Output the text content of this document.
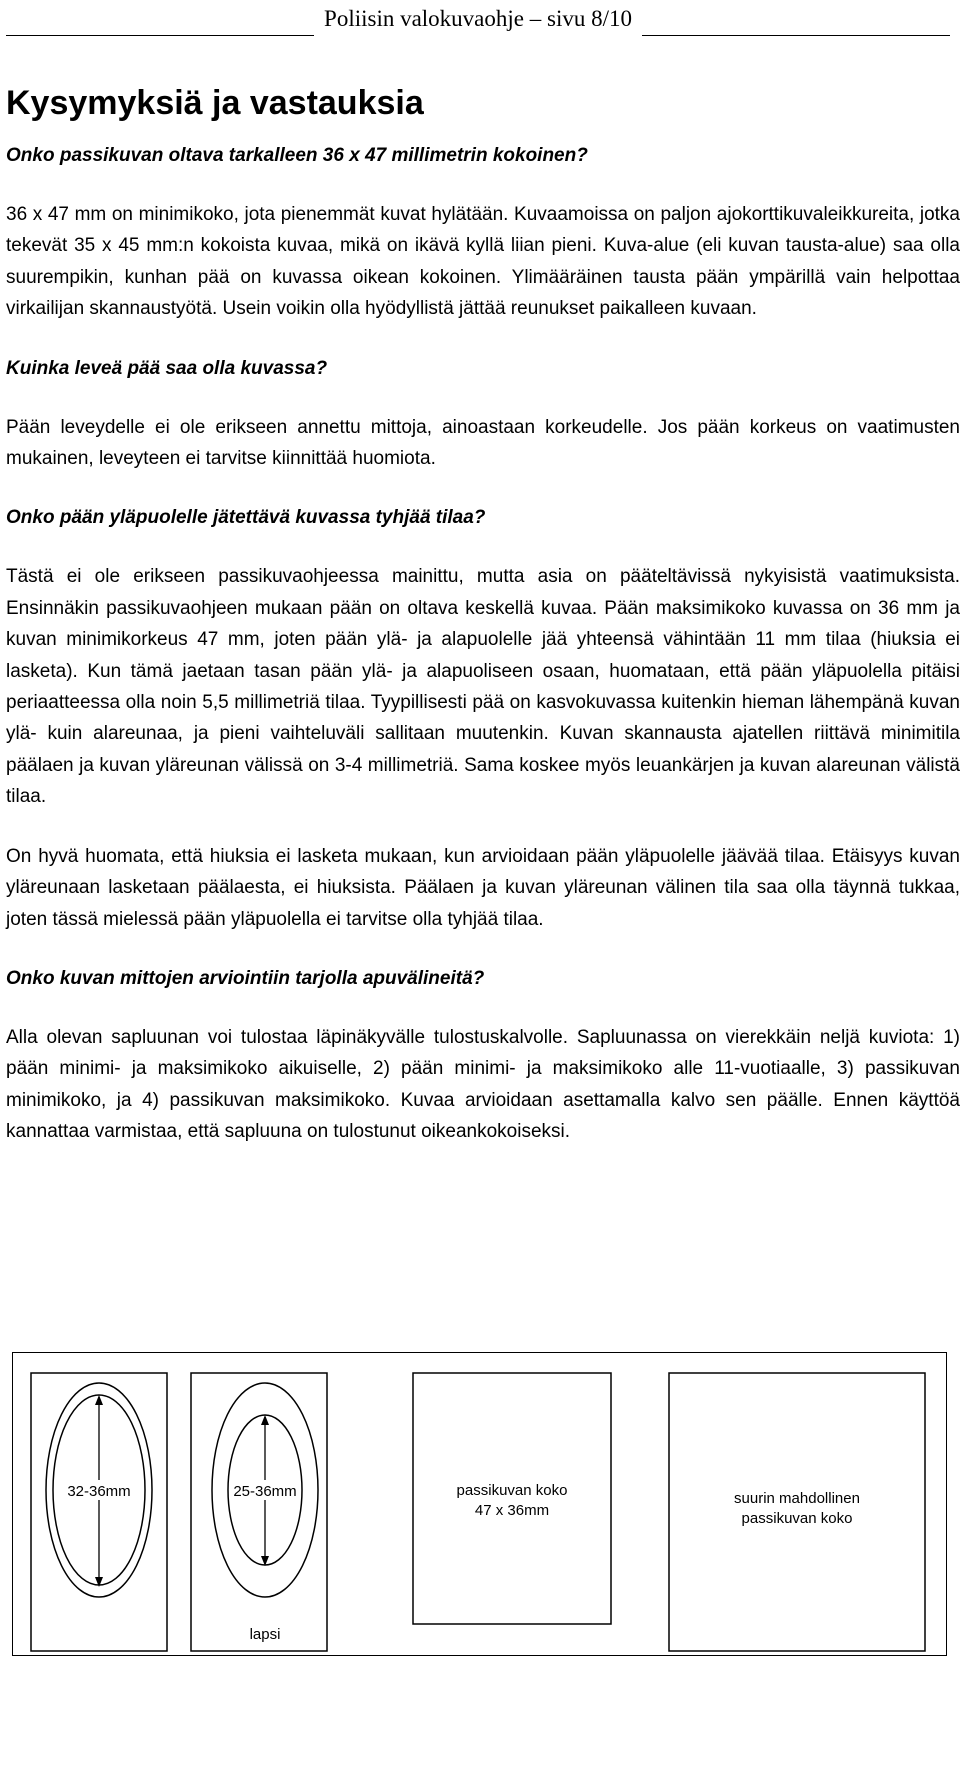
Poliisin valokuvaohje – sivu 8/10
Kysymyksiä ja vastauksia

Onko passikuvan oltava tarkalleen 36 x 47 millimetrin kokoinen?

36 x 47 mm on minimikoko, jota pienemmät kuvat hylätään. Kuvaamoissa on paljon ajokorttikuvaleikkureita, jotka tekevät 35 x 45 mm:n kokoista kuvaa, mikä on ikävä kyllä liian pieni. Kuva-alue (eli kuvan tausta-alue) saa olla suurempikin, kunhan pää on kuvassa oikean kokoinen. Ylimääräinen tausta pään ympärillä vain helpottaa virkailijan skannaustyötä. Usein voikin olla hyödyllistä jättää reunukset paikalleen kuvaan.

Kuinka leveä pää saa olla kuvassa?

Pään leveydelle ei ole erikseen annettu mittoja, ainoastaan korkeudelle. Jos pään korkeus on vaatimusten mukainen, leveyteen ei tarvitse kiinnittää huomiota.

Onko pään yläpuolelle jätettävä kuvassa tyhjää tilaa?

Tästä ei ole erikseen passikuvaohjeessa mainittu, mutta asia on pääteltävissä nykyisistä vaatimuksista. Ensinnäkin passikuvaohjeen mukaan pään on oltava keskellä kuvaa. Pään maksimikoko kuvassa on 36 mm ja kuvan minimikorkeus 47 mm, joten pään ylä- ja alapuolelle jää yhteensä vähintään 11 mm tilaa (hiuksia ei lasketa). Kun tämä jaetaan tasan pään ylä- ja alapuoliseen osaan, huomataan, että pään yläpuolella pitäisi periaatteessa olla noin 5,5 millimetriä tilaa. Tyypillisesti pää on kasvokuvassa kuitenkin hieman lähempänä kuvan ylä- kuin alareunaa, ja pieni vaihteluväli sallitaan muutenkin. Kuvan skannausta ajatellen riittävä minimitila päälaen ja kuvan yläreunan välissä on 3-4 millimetriä. Sama koskee myös leuankärjen ja kuvan alareunan välistä tilaa.

On hyvä huomata, että hiuksia ei lasketa mukaan, kun arvioidaan pään yläpuolelle jäävää tilaa. Etäisyys kuvan yläreunaan lasketaan päälaesta, ei hiuksista. Päälaen ja kuvan yläreunan välinen tila saa olla täynnä tukkaa, joten tässä mielessä pään yläpuolella ei tarvitse olla tyhjää tilaa.

Onko kuvan mittojen arviointiin tarjolla apuvälineitä?

Alla olevan sapluunan voi tulostaa läpinäkyvälle tulostuskalvolle. Sapluunassa on vierekkäin neljä kuviota: 1) pään minimi- ja maksimikoko aikuiselle, 2) pään minimi- ja maksimikoko alle 11-vuotiaalle, 3) passikuvan minimikoko, ja 4) passikuvan maksimikoko. Kuvaa arvioidaan asettamalla kalvo sen päälle. Ennen käyttöä kannattaa varmistaa, että sapluuna on tulostunut oikeankokoiseksi.

32-36mm	25-36mm
lapsi
passikuvan koko
47 x 36mm
suurin mahdollinen
passikuvan koko
